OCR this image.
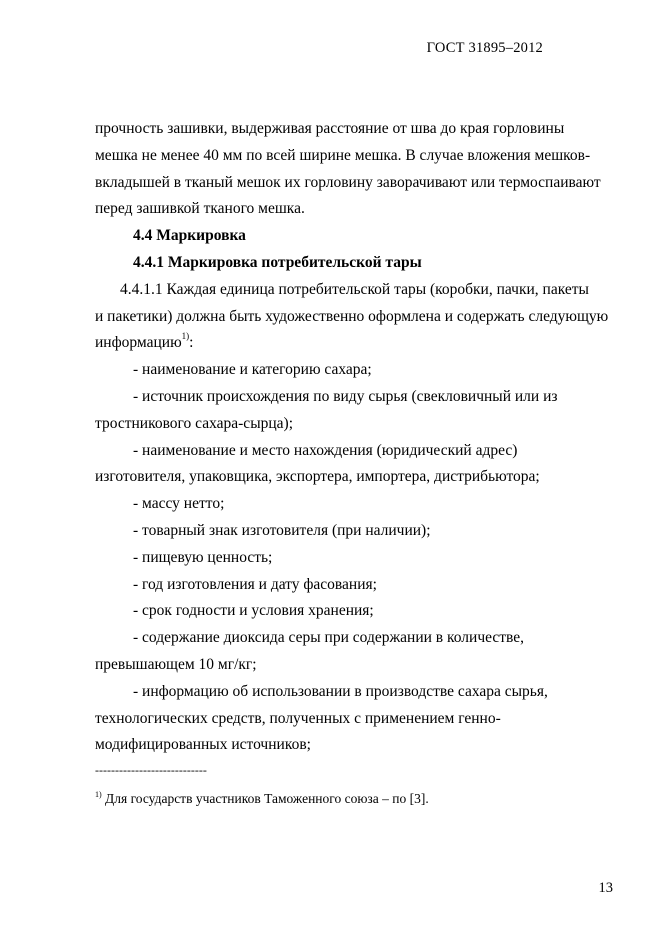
ГОСТ 31895–2012

прочность зашивки, выдерживая расстояние от шва до края горловины

мешка не менее 40 мм по всей ширине мешка. В случае вложения мешков-

вкладышей в тканый мешок их горловину заворачивают или термоспаивают

перед зашивкой тканого мешка.

4.4 Маркировка

4.4.1 Маркировка потребительской тары

4.4.1.1 Каждая единица потребительской тары (коробки, пачки, пакеты

и пакетики) должна быть художественно оформлена и содержать следующую

информацию$^{1)}$:

- наименование и категорию сахара;

- источник происхождения по виду сырья (свекловичный или из

тростникового сахара-сырца);

- наименование и место нахождения (юридический адрес)

изготовителя, упаковщика, экспортера, импортера, дистрибьютора;

- массу нетто;

- товарный знак изготовителя (при наличии);

- пищевую ценность;

- год изготовления и дату фасования;

- срок годности и условия хранения;

- содержание диоксида серы при содержании в количестве,

превышающем 10 мг/кг;

- информацию об использовании в производстве сахара сырья,

технологических средств, полученных с применением генно-

модифицированных источников;

----------------------------
$^{1)}$ Для государств участников Таможенного союза – по [3].
13
